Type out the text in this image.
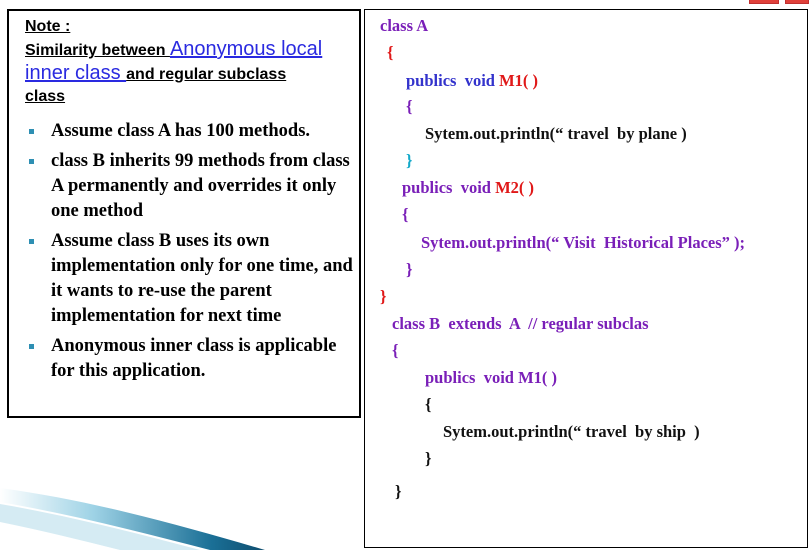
Note :
Similarity between Anonymous local inner class and regular subclass class
Assume class A has 100 methods.
class B inherits 99 methods from class A permanently and overrides it only one method
Assume class B uses its own implementation only for one time, and it wants to re-use the parent implementation for next time
Anonymous inner class is applicable for this application.
class A
{
publics  void M1( )
{
Sytem.out.println(“ travel  by plane )
}
publics  void M2( )
{
Sytem.out.println(“ Visit  Historical Places” );
}
}
class B  extends  A  // regular subclas
{
publics  void M1( )
{
Sytem.out.println(“ travel  by ship  )
}
}
